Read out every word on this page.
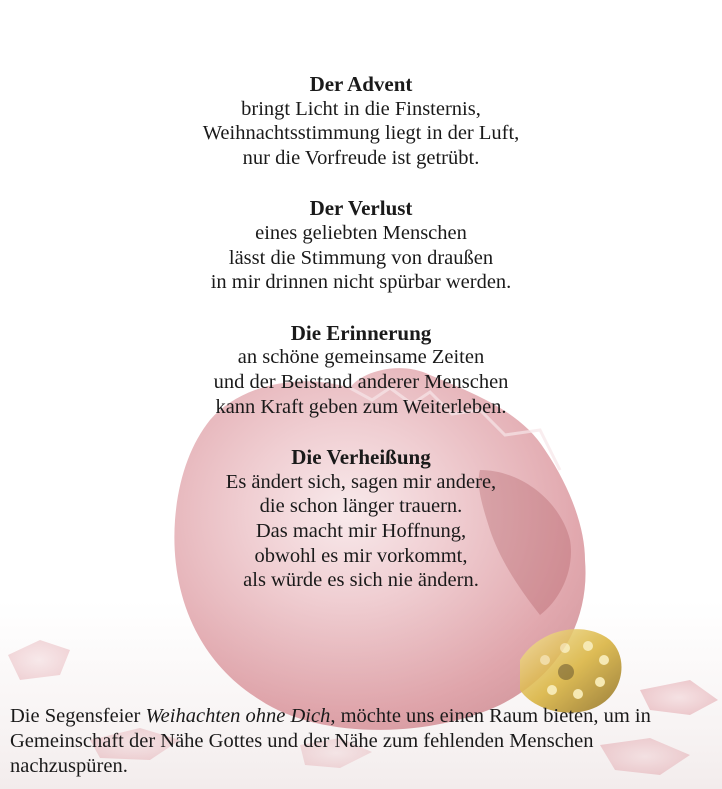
Der Advent
bringt Licht in die Finsternis,
Weihnachtsstimmung liegt in der Luft,
nur die Vorfreude ist getrübt.
Der Verlust
eines geliebten Menschen
lässt die Stimmung von draußen
in mir drinnen nicht spürbar werden.
Die Erinnerung
an schöne gemeinsame Zeiten
und der Beistand anderer Menschen
kann Kraft geben zum Weiterleben.
Die Verheißung
Es ändert sich, sagen mir andere,
die schon länger trauern.
Das macht mir Hoffnung,
obwohl es mir vorkommt,
als würde es sich nie ändern.
Die Segensfeier Weihachten ohne Dich, möchte uns einen Raum bieten, um in Gemeinschaft der Nähe Gottes und der Nähe zum fehlenden Menschen nachzuspüren.
